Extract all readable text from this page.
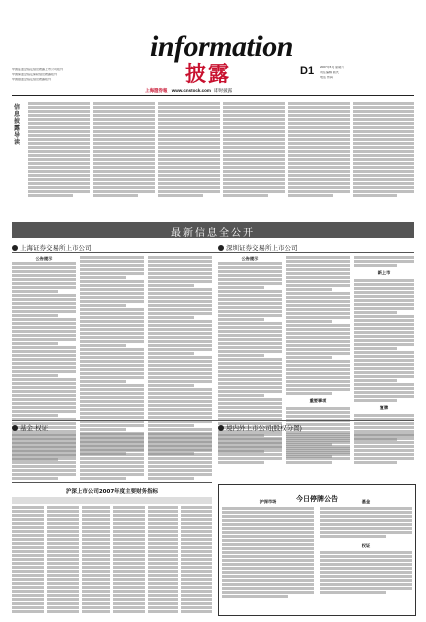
中国证监会指定信息披露上市公司报刊
中国保监会指定保险信息披露报刊
中国银监会指定信息披露报刊
information
披露	D1 2007年5月 星期六
责任编辑 版式
电话 传真
上海證券報 www.cnstock.com 即时披露
信息披露导读
最新信息全公开
上海证券交易所上市公司	深圳证券交易所上市公司
公告提示	公告提示
重要事项
新上市
复牌
基金·权证	境内外上市公司(股权分置)
沪深上市公司2007年度主要财务指标
今日停牌公告
沪深市场	基金
权证
